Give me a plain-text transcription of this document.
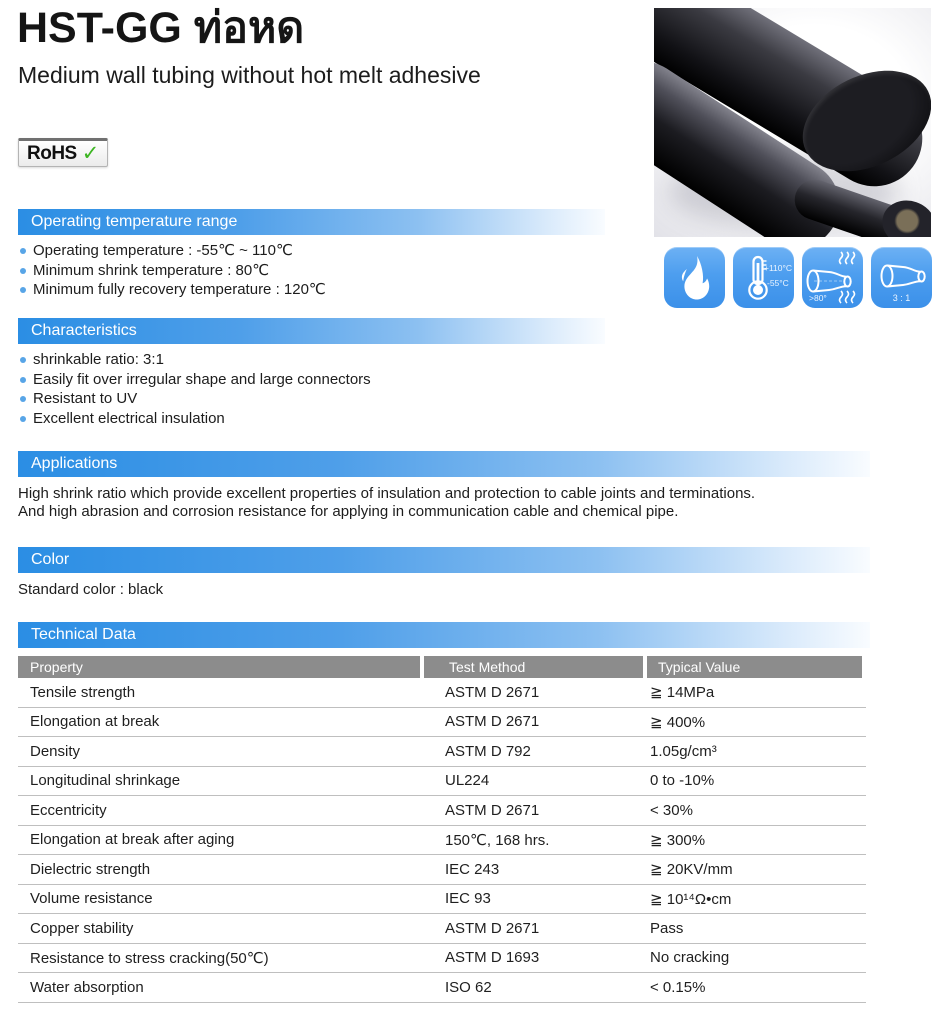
HST-GG ท่อหด
Medium wall tubing without hot melt adhesive
RoHS ✓
+110°C
-55°C
>80°	3 : 1
Operating temperature range
Operating temperature : -55℃ ~ 110℃
Minimum shrink temperature : 80℃
Minimum fully recovery temperature : 120℃
Characteristics
shrinkable ratio: 3:1
Easily fit over irregular shape and large connectors
Resistant to UV
Excellent electrical insulation
Applications
High shrink ratio which provide excellent properties of insulation and protection to cable joints and terminations.
And high abrasion and corrosion resistance for applying in communication cable and chemical pipe.
Color
Standard color : black
Technical Data
Property	Test Method	Typical Value
Tensile strength	ASTM D 2671	≧ 14MPa
Elongation at break	ASTM D 2671	≧ 400%
Density	ASTM D 792	1.05g/cm³
Longitudinal shrinkage	UL224	0 to -10%
Eccentricity	ASTM D 2671	< 30%
Elongation at break after aging	150℃, 168 hrs.	≧ 300%
Dielectric strength	IEC 243	≧ 20KV/mm
Volume resistance	IEC 93	≧ 10¹⁴Ω•cm
Copper stability	ASTM D 2671	Pass
Resistance to stress cracking(50℃)	ASTM D 1693	No cracking
Water absorption	ISO 62	< 0.15%
